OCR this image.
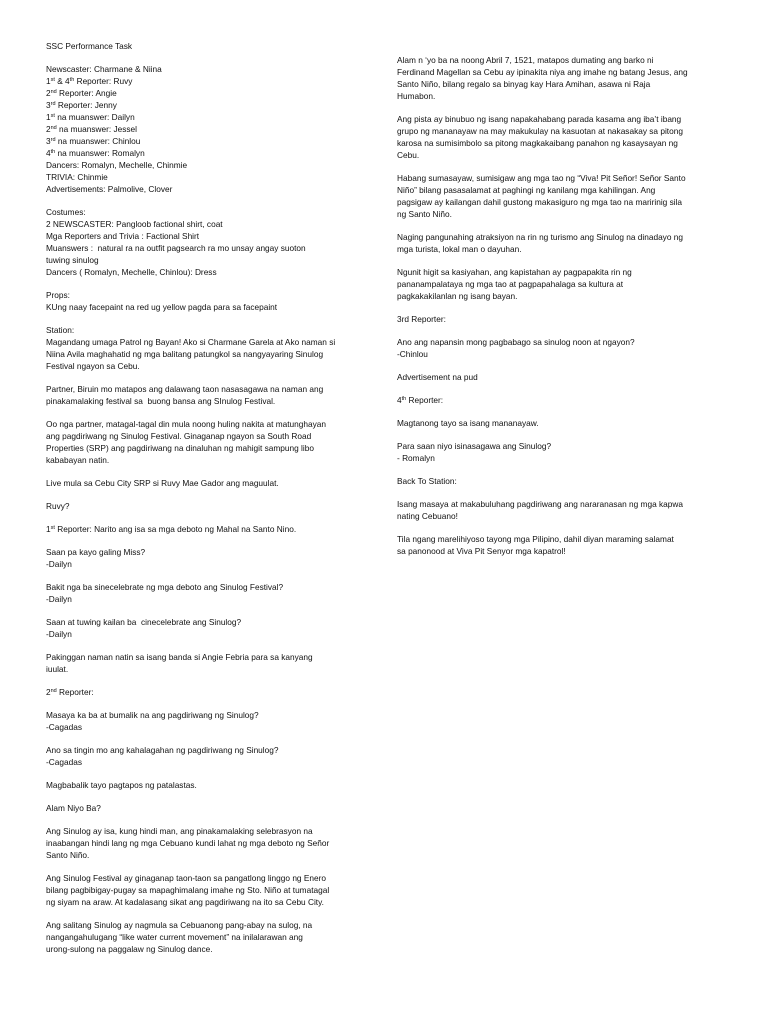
SSC Performance Task
Newscaster: Charmane & Niina
1st & 4th Reporter: Ruvy
2nd Reporter: Angie
3rd Reporter: Jenny
1st na muanswer: Dailyn
2nd na muanswer: Jessel
3rd na muanswer: Chinlou
4th na muanswer: Romalyn
Dancers: Romalyn, Mechelle, Chinmie
TRIVIA: Chinmie
Advertisements: Palmolive, Clover
Costumes:
2 NEWSCASTER: Pangloob factional shirt, coat
Mga Reporters and Trivia : Factional Shirt
Muanswers :  natural ra na outfit pagsearch ra mo unsay angay suoton
tuwing sinulog
Dancers ( Romalyn, Mechelle, Chinlou): Dress
Props:
KUng naay facepaint na red ug yellow pagda para sa facepaint
Station:
Magandang umaga Patrol ng Bayan! Ako si Charmane Garela at Ako naman si
Niina Avila maghahatid ng mga balitang patungkol sa nangyayaring Sinulog
Festival ngayon sa Cebu.
Partner, Biruin mo matapos ang dalawang taon nasasagawa na naman ang
pinakamalaking festival sa  buong bansa ang SInulog Festival.
Oo nga partner, matagal-tagal din mula noong huling nakita at matunghayan
ang pagdiriwang ng Sinulog Festival. Ginaganap ngayon sa South Road
Properties (SRP) ang pagdiriwang na dinaluhan ng mahigit sampung libo
kababayan natin.
Live mula sa Cebu City SRP si Ruvy Mae Gador ang maguulat.
Ruvy?
1st Reporter: Narito ang isa sa mga deboto ng Mahal na Santo Nino.
Saan pa kayo galing Miss?
-Dailyn
Bakit nga ba sinecelebrate ng mga deboto ang Sinulog Festival?
-Dailyn
Saan at tuwing kailan ba  cinecelebrate ang Sinulog?
-Dailyn
Pakinggan naman natin sa isang banda si Angie Febria para sa kanyang
iuulat.
2nd Reporter:
Masaya ka ba at bumalik na ang pagdiriwang ng Sinulog?
-Cagadas
Ano sa tingin mo ang kahalagahan ng pagdiriwang ng Sinulog?
-Cagadas
Magbabalik tayo pagtapos ng patalastas.
Alam Niyo Ba?
Ang Sinulog ay isa, kung hindi man, ang pinakamalaking selebrasyon na
inaabangan hindi lang ng mga Cebuano kundi lahat ng mga deboto ng Señor
Santo Niño.
Ang Sinulog Festival ay ginaganap taon-taon sa pangatlong linggo ng Enero
bilang pagbibigay-pugay sa mapaghimalang imahe ng Sto. Niño at tumatagal
ng siyam na araw. At kadalasang sikat ang pagdiriwang na ito sa Cebu City.
Ang salitang Sinulog ay nagmula sa Cebuanong pang-abay na sulog, na
nangangahulugang “like water current movement” na inilalarawan ang
urong-sulong na paggalaw ng Sinulog dance.
Alam n ‘yo ba na noong Abril 7, 1521, matapos dumating ang barko ni
Ferdinand Magellan sa Cebu ay ipinakita niya ang imahe ng batang Jesus, ang
Santo Niño, bilang regalo sa binyag kay Hara Amihan, asawa ni Raja
Humabon.
Ang pista ay binubuo ng isang napakahabang parada kasama ang iba’t ibang
grupo ng mananayaw na may makukulay na kasuotan at nakasakay sa pitong
karosa na sumisimbolo sa pitong magkakaibang panahon ng kasaysayan ng
Cebu.
Habang sumasayaw, sumisigaw ang mga tao ng “Viva! Pit Señor! Señor Santo
Niño” bilang pasasalamat at paghingi ng kanilang mga kahilingan. Ang
pagsigaw ay kailangan dahil gustong makasiguro ng mga tao na maririnig sila
ng Santo Niño.
Naging pangunahing atraksiyon na rin ng turismo ang Sinulog na dinadayo ng
mga turista, lokal man o dayuhan.
Ngunit higit sa kasiyahan, ang kapistahan ay pagpapakita rin ng
pananampalataya ng mga tao at pagpapahalaga sa kultura at
pagkakakilanlan ng isang bayan.
3rd Reporter:
Ano ang napansin mong pagbabago sa sinulog noon at ngayon?
-Chinlou
Advertisement na pud
4th Reporter:
Magtanong tayo sa isang mananayaw.
Para saan niyo isinasagawa ang Sinulog?
- Romalyn
Back To Station:
Isang masaya at makabuluhang pagdiriwang ang nararanasan ng mga kapwa
nating Cebuano!
Tila ngang marelihiyoso tayong mga Pilipino, dahil diyan maraming salamat
sa panonood at Viva Pit Senyor mga kapatrol!
